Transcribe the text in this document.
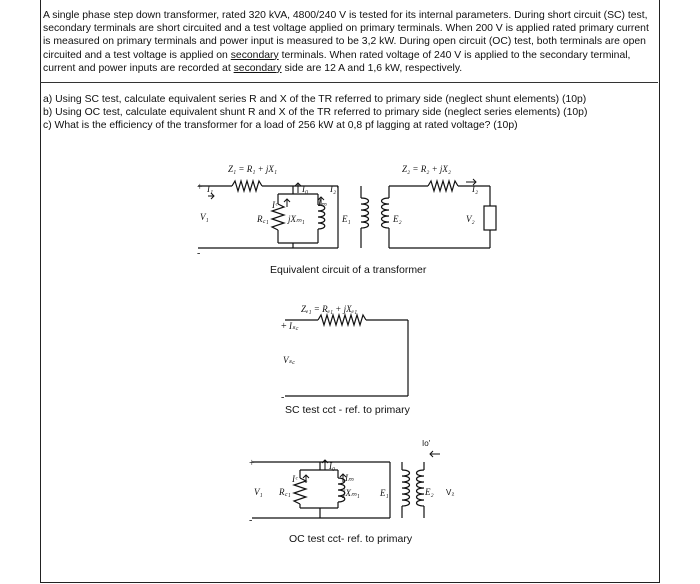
A single phase step down transformer, rated 320 kVA, 4800/240 V is tested for its internal parameters. During short circuit (SC) test,
secondary terminals are short circuited and a test voltage applied on primary terminals. When 200 V is applied rated primary current
is measured on primary terminals and power input is measured to be 3,2 kW. During open circuit (OC) test, both terminals are open
circuited and a test voltage is applied on secondary terminals. When rated voltage of 240 V is applied to the secondary terminal,
current and power inputs are recorded at secondary side are 12 A and 1,6 kW, respectively.
a) Using SC test, calculate equivalent series R and X of the TR referred to primary side (neglect shunt elements) (10p)
b) Using OC test, calculate equivalent shunt R and X of the TR referred to primary side (neglect series elements) (10p)
c) What is the efficiency of the transformer for a load of 256 kW at 0,8 pf lagging at rated voltage? (10p)
Z₁ = R₁ + jX₁	Z₂ = R₂ + jX₂
+
-
I₁	I₀ I₂'
Iᶜ	Iₘ
I₂
V₁	R꜀₁ jXₘ₁	E₁	E₂	V₂
Equivalent circuit of a transformer
Zₑ₁ = Rₑ₁ + jXₑ₁
+ Iₛ꜀
Vₛ꜀
-
SC test cct - ref. to primary
+
-
I₀
Io'
Iᶜ	Iₘ
V₁ R꜀₁	jXₘ₁ E₁	E₂ V₂
OC test cct- ref. to primary
